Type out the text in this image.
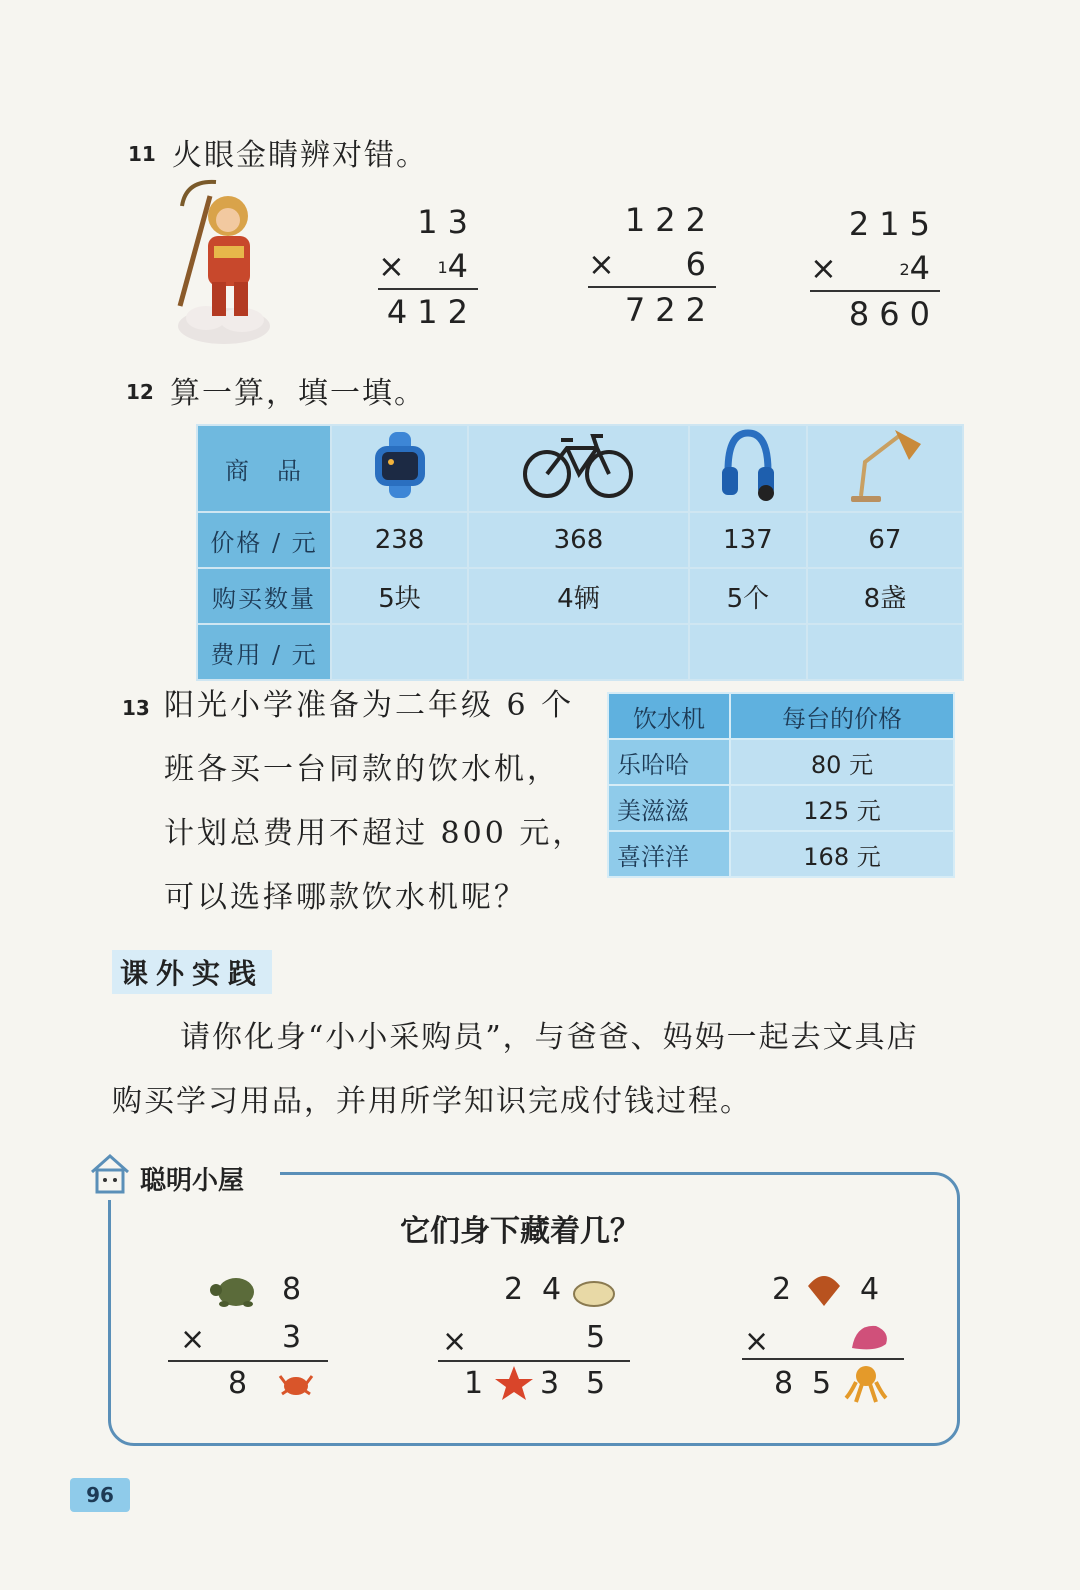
11 火眼金睛辨对错。
13
× 14
412
122
× 6
722
215
×	24
860
12 算一算，填一填。
商　品				
价格 / 元	238	368	137	67
购买数量	5块	4辆	5个	8盏
费用 / 元				
13 阳光小学准备为二年级 6 个
班各买一台同款的饮水机，
计划总费用不超过 800 元，
可以选择哪款饮水机呢？
饮水机	每台的价格
乐哈哈	80 元
美滋滋	125 元
喜洋洋	168 元
课外实践
请你化身“小小采购员”，与爸爸、妈妈一起去文具店
购买学习用品，并用所学知识完成付钱过程。
聪明小屋
它们身下藏着几？
8
×	3
8
2 4
×	5
1 3 5
2 4
×
8 5
96
